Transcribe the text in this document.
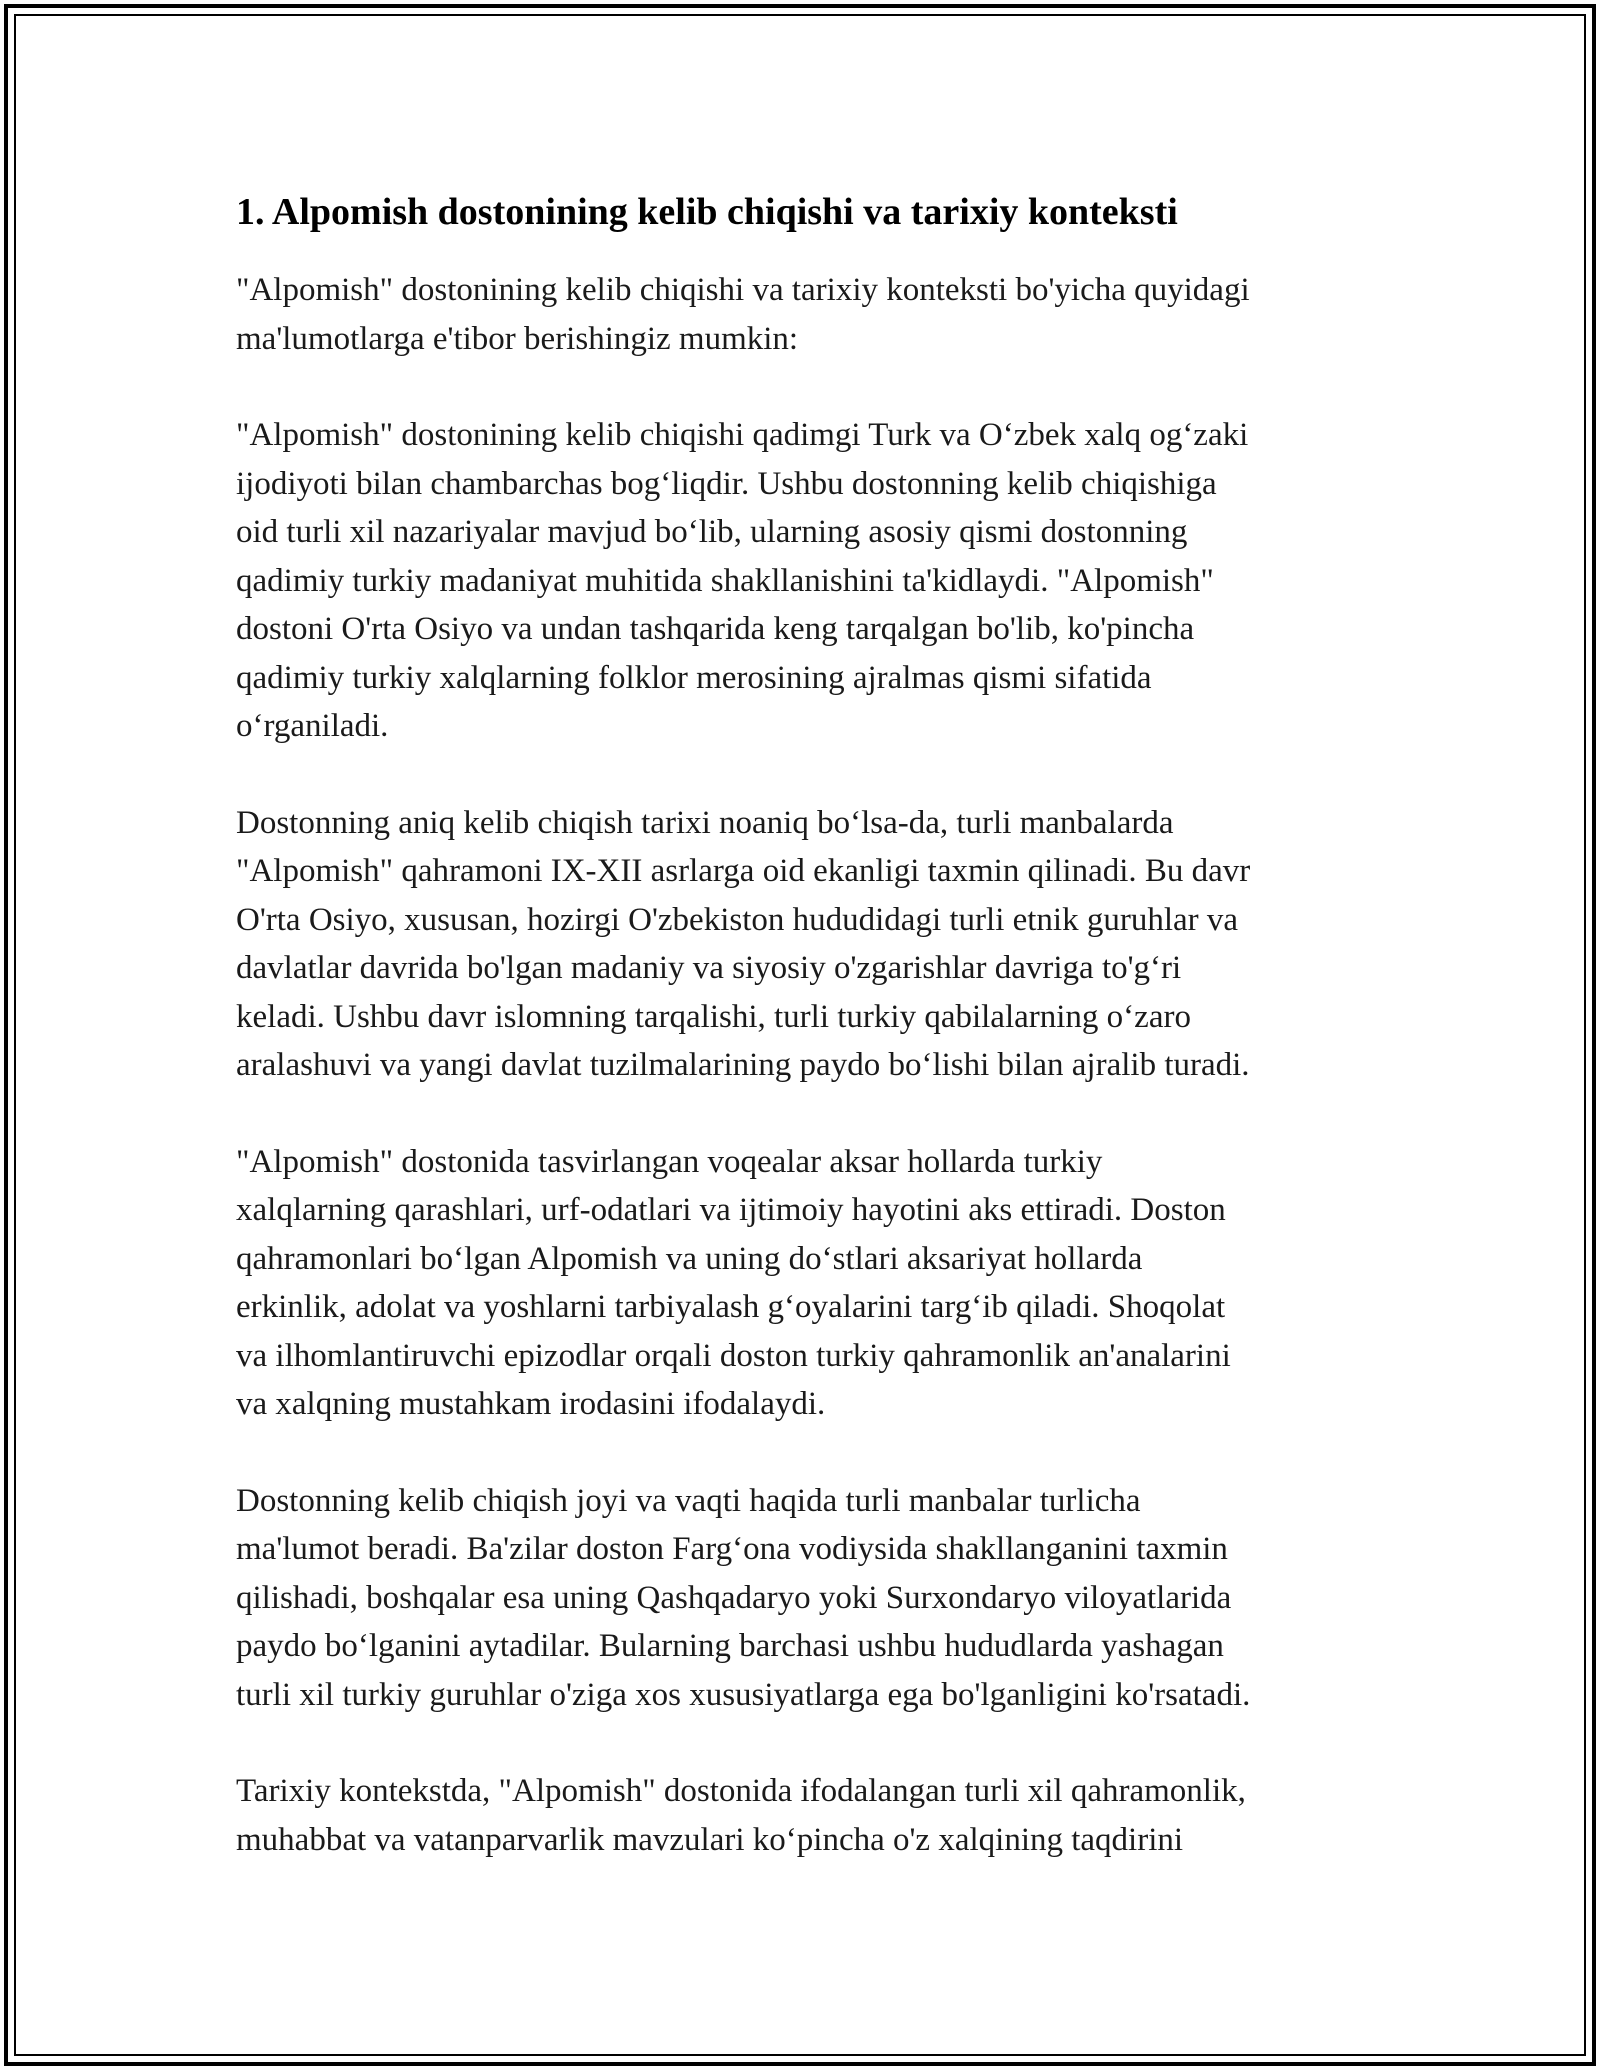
1. Alpomish dostonining kelib chiqishi va tarixiy konteksti

"Alpomish" dostonining kelib chiqishi va tarixiy konteksti bo'yicha quyidagi
ma'lumotlarga e'tibor berishingiz mumkin:

"Alpomish" dostonining kelib chiqishi qadimgi Turk va O‘zbek xalq og‘zaki
ijodiyoti bilan chambarchas bog‘liqdir. Ushbu dostonning kelib chiqishiga
oid turli xil nazariyalar mavjud bo‘lib, ularning asosiy qismi dostonning
qadimiy turkiy madaniyat muhitida shakllanishini ta'kidlaydi. "Alpomish"
dostoni O'rta Osiyo va undan tashqarida keng tarqalgan bo'lib, ko'pincha
qadimiy turkiy xalqlarning folklor merosining ajralmas qismi sifatida
o‘rganiladi.

Dostonning aniq kelib chiqish tarixi noaniq bo‘lsa-da, turli manbalarda
"Alpomish" qahramoni IX-XII asrlarga oid ekanligi taxmin qilinadi. Bu davr
O'rta Osiyo, xususan, hozirgi O'zbekiston hududidagi turli etnik guruhlar va
davlatlar davrida bo'lgan madaniy va siyosiy o'zgarishlar davriga to'g‘ri
keladi. Ushbu davr islomning tarqalishi, turli turkiy qabilalarning o‘zaro
aralashuvi va yangi davlat tuzilmalarining paydo bo‘lishi bilan ajralib turadi.

"Alpomish" dostonida tasvirlangan voqealar aksar hollarda turkiy
xalqlarning qarashlari, urf-odatlari va ijtimoiy hayotini aks ettiradi. Doston
qahramonlari bo‘lgan Alpomish va uning do‘stlari aksariyat hollarda
erkinlik, adolat va yoshlarni tarbiyalash g‘oyalarini targ‘ib qiladi. Shoqolat
va ilhomlantiruvchi epizodlar orqali doston turkiy qahramonlik an'analarini
va xalqning mustahkam irodasini ifodalaydi.

Dostonning kelib chiqish joyi va vaqti haqida turli manbalar turlicha
ma'lumot beradi. Ba'zilar doston Farg‘ona vodiysida shakllanganini taxmin
qilishadi, boshqalar esa uning Qashqadaryo yoki Surxondaryo viloyatlarida
paydo bo‘lganini aytadilar. Bularning barchasi ushbu hududlarda yashagan
turli xil turkiy guruhlar o'ziga xos xususiyatlarga ega bo'lganligini ko'rsatadi.

Tarixiy kontekstda, "Alpomish" dostonida ifodalangan turli xil qahramonlik,
muhabbat va vatanparvarlik mavzulari ko‘pincha o'z xalqining taqdirini
